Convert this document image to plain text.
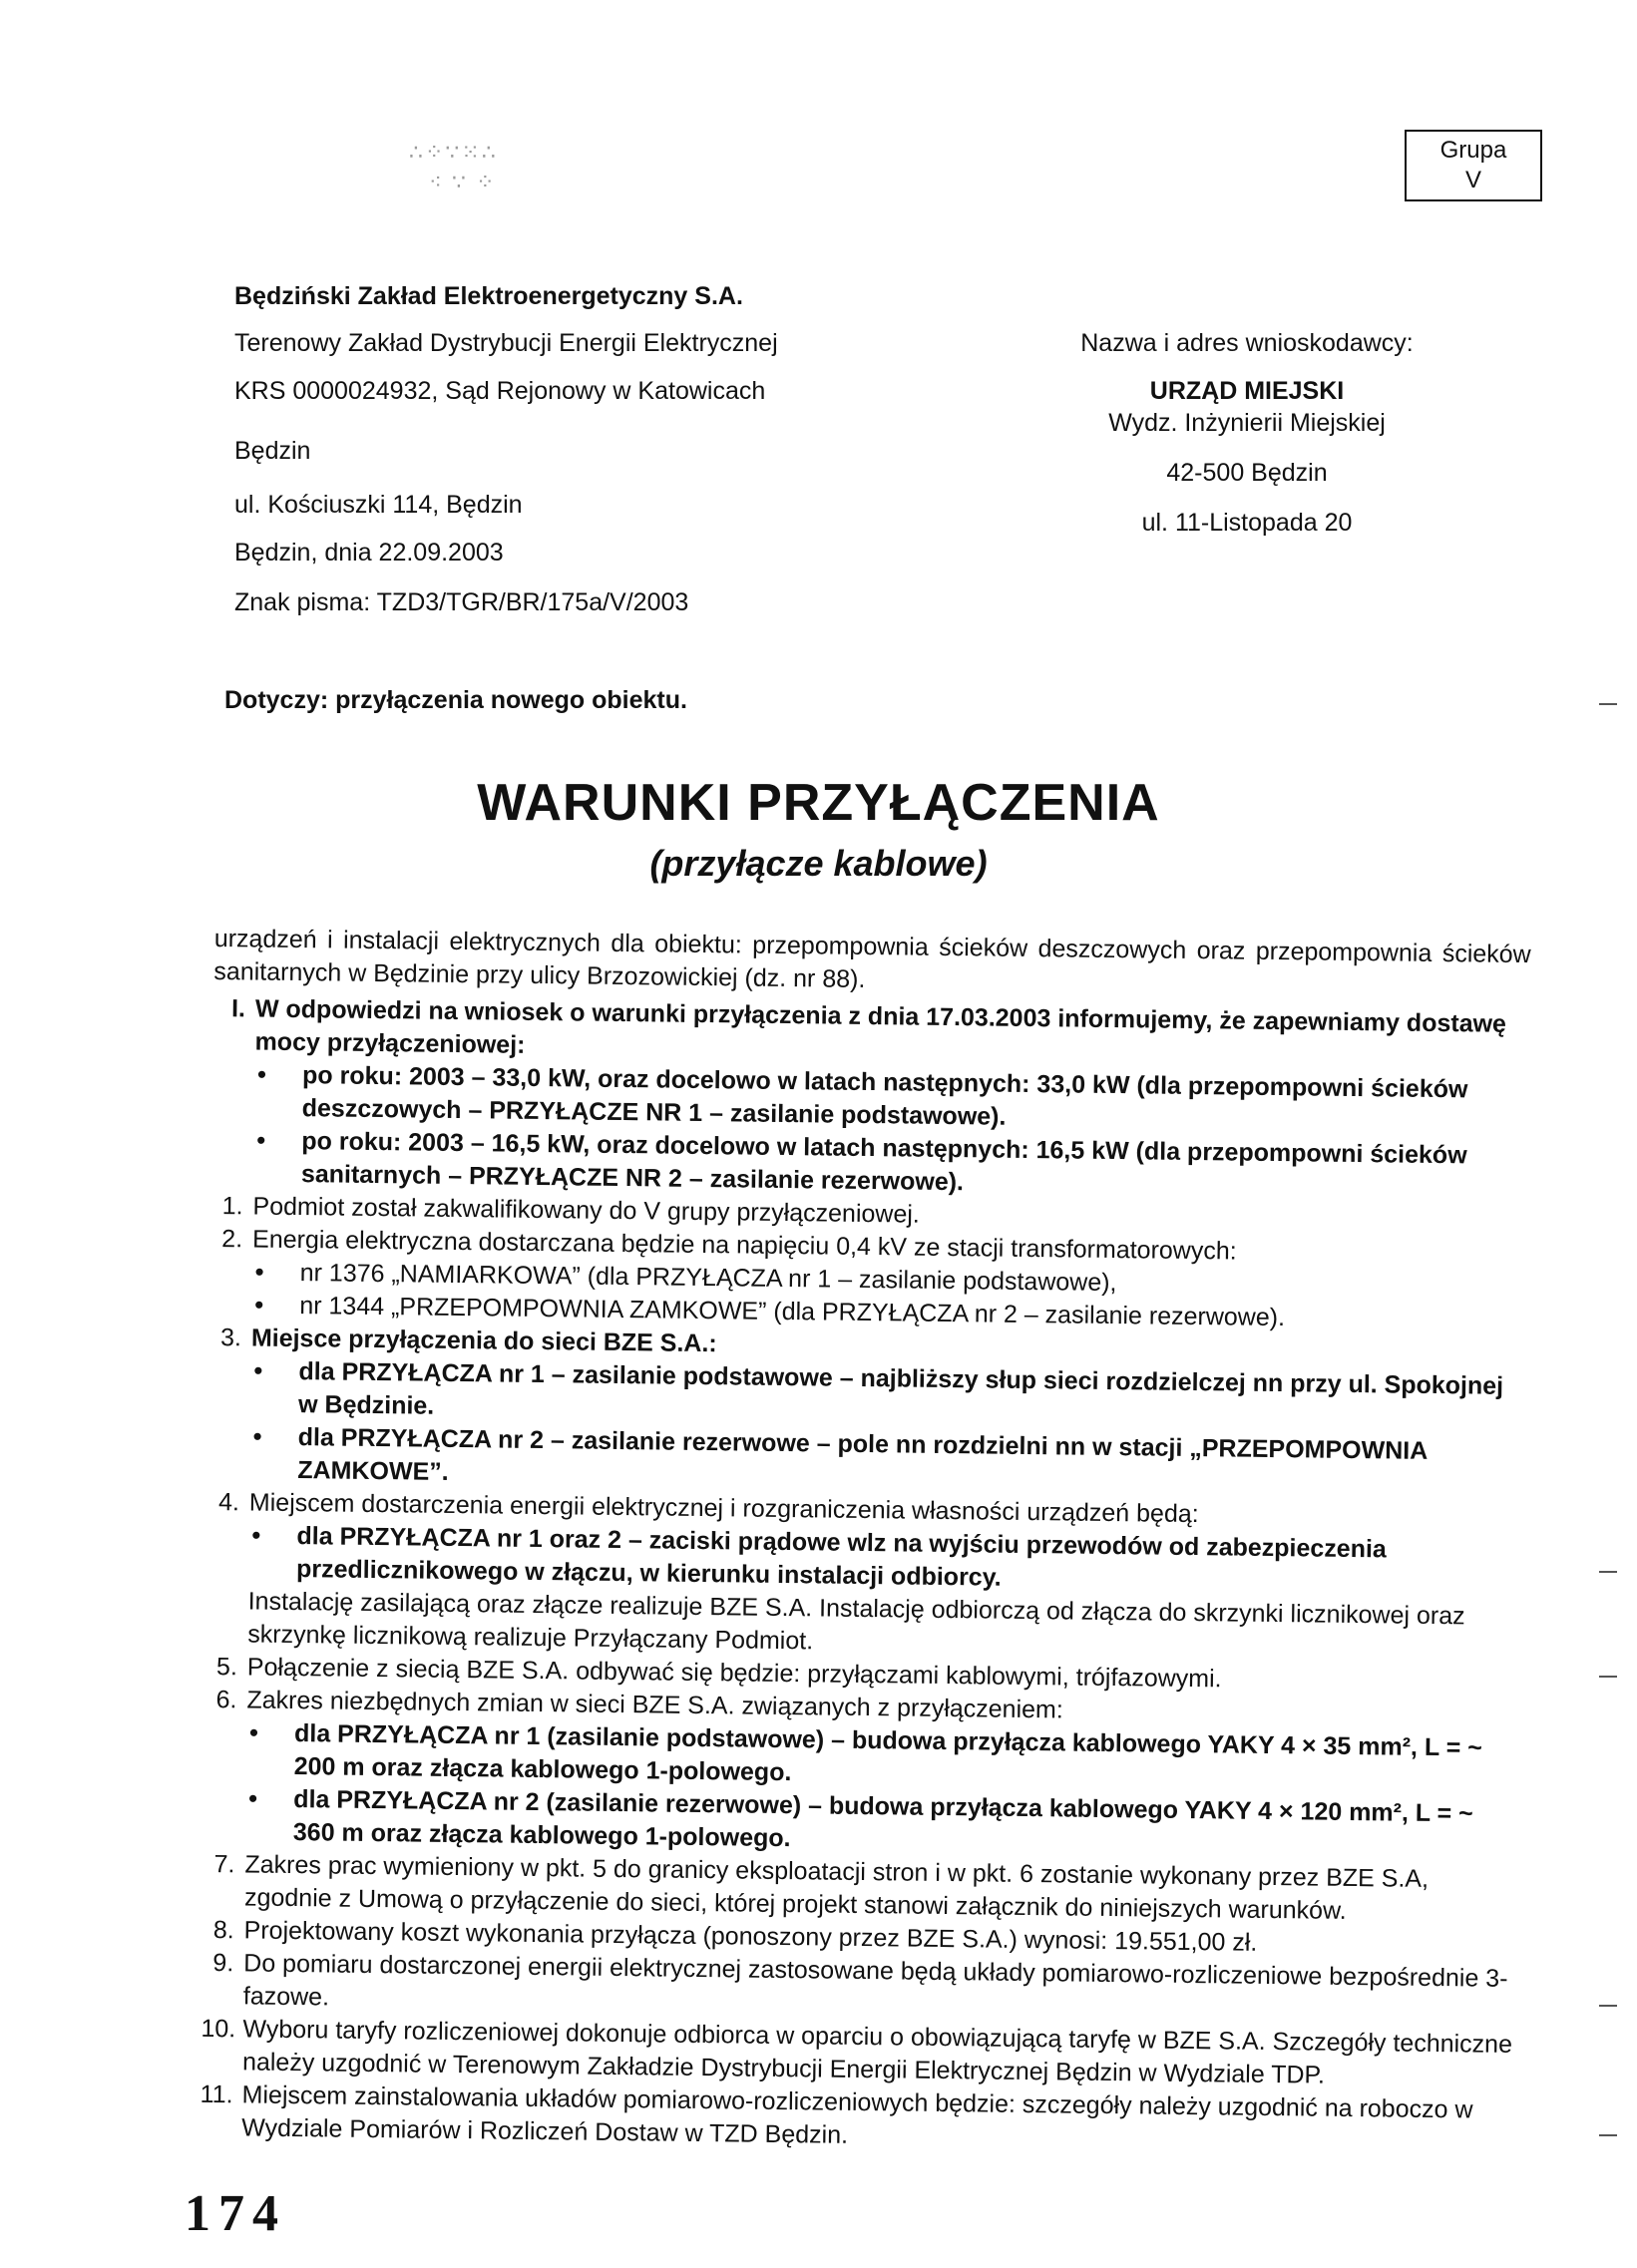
∴⁘∵⁙∴
⁖ ∵ ⁘
Grupa
V
Będziński Zakład Elektroenergetyczny S.A.
Terenowy Zakład Dystrybucji Energii Elektrycznej
KRS 0000024932, Sąd Rejonowy w Katowicach
Będzin
ul. Kościuszki 114, Będzin
Będzin, dnia 22.09.2003
Znak pisma: TZD3/TGR/BR/175a/V/2003
Nazwa i adres wnioskodawcy:
URZĄD MIEJSKI
Wydz. Inżynierii Miejskiej
42-500 Będzin
ul. 11-Listopada 20
Dotyczy: przyłączenia nowego obiektu.
WARUNKI PRZYŁĄCZENIA
(przyłącze kablowe)

urządzeń i instalacji elektrycznych dla obiektu: przepompownia ścieków deszczowych oraz przepompownia ścieków sanitarnych w Będzinie przy ulicy Brzozowickiej (dz. nr 88).

I. W odpowiedzi na wniosek o warunki przyłączenia z dnia 17.03.2003 informujemy, że zapewniamy dostawę mocy przyłączeniowej:

• po roku: 2003 – 33,0 kW, oraz docelowo w latach następnych: 33,0 kW (dla przepompowni ścieków deszczowych – PRZYŁĄCZE NR 1 – zasilanie podstawowe).

• po roku: 2003 – 16,5 kW, oraz docelowo w latach następnych: 16,5 kW (dla przepompowni ścieków sanitarnych – PRZYŁĄCZE NR 2 – zasilanie rezerwowe).

1. Podmiot został zakwalifikowany do V grupy przyłączeniowej.
2. Energia elektryczna dostarczana będzie na napięciu 0,4 kV ze stacji transformatorowych:

• nr 1376 „NAMIARKOWA” (dla PRZYŁĄCZA nr 1 – zasilanie podstawowe),

• nr 1344 „PRZEPOMPOWNIA ZAMKOWE” (dla PRZYŁĄCZA nr 2 – zasilanie rezerwowe).

3. Miejsce przyłączenia do sieci BZE S.A.:

• dla PRZYŁĄCZA nr 1 – zasilanie podstawowe – najbliższy słup sieci rozdzielczej nn przy ul. Spokojnej w Będzinie.

• dla PRZYŁĄCZA nr 2 – zasilanie rezerwowe – pole nn rozdzielni nn w stacji „PRZEPOMPOWNIA ZAMKOWE”.

4. Miejscem dostarczenia energii elektrycznej i rozgraniczenia własności urządzeń będą:

• dla PRZYŁĄCZA nr 1 oraz 2 – zaciski prądowe wlz na wyjściu przewodów od zabezpieczenia przedlicznikowego w złączu, w kierunku instalacji odbiorcy.

Instalację zasilającą oraz złącze realizuje BZE S.A. Instalację odbiorczą od złącza do skrzynki licznikowej oraz skrzynkę licznikową realizuje Przyłączany Podmiot.

5. Połączenie z siecią BZE S.A. odbywać się będzie: przyłączami kablowymi, trójfazowymi.
6. Zakres niezbędnych zmian w sieci BZE S.A. związanych z przyłączeniem:

• dla PRZYŁĄCZA nr 1 (zasilanie podstawowe) – budowa przyłącza kablowego YAKY 4 × 35 mm², L = ~ 200 m oraz złącza kablowego 1-polowego.

• dla PRZYŁĄCZA nr 2 (zasilanie rezerwowe) – budowa przyłącza kablowego YAKY 4 × 120 mm², L = ~ 360 m oraz złącza kablowego 1-polowego.

7. Zakres prac wymieniony w pkt. 5 do granicy eksploatacji stron i w pkt. 6 zostanie wykonany przez BZE S.A, zgodnie z Umową o przyłączenie do sieci, której projekt stanowi załącznik do niniejszych warunków.
8. Projektowany koszt wykonania przyłącza (ponoszony przez BZE S.A.) wynosi: 19.551,00 zł.
9. Do pomiaru dostarczonej energii elektrycznej zastosowane będą układy pomiarowo-rozliczeniowe bezpośrednie 3-fazowe.
10. Wyboru taryfy rozliczeniowej dokonuje odbiorca w oparciu o obowiązującą taryfę w BZE S.A. Szczegóły techniczne należy uzgodnić w Terenowym Zakładzie Dystrybucji Energii Elektrycznej Będzin w Wydziale TDP.
11. Miejscem zainstalowania układów pomiarowo-rozliczeniowych będzie: szczegóły należy uzgodnić na roboczo w Wydziale Pomiarów i Rozliczeń Dostaw w TZD Będzin.
174
